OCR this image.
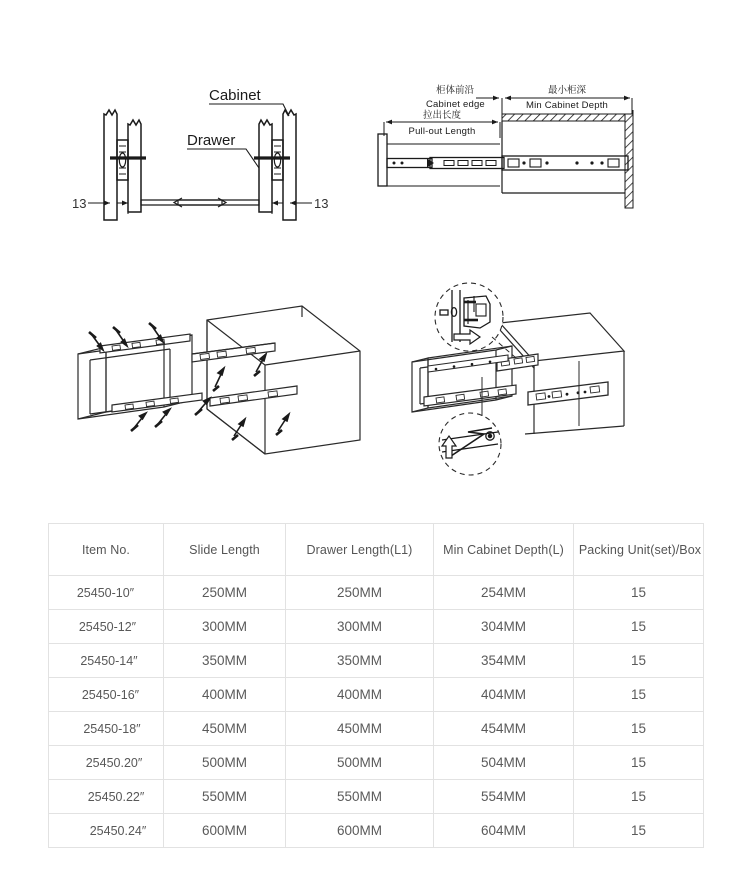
Cabinet
Drawer
13	13
柜体前沿
Cabinet edge
最小柜深
Min Cabinet Depth
拉出长度
Pull-out Length
Item No.	Slide Length	Drawer Length(L1)	Min Cabinet Depth(L)	Packing Unit(set)/Box
25450-10″	250MM	250MM	254MM	15
25450-12″	300MM	300MM	304MM	15
25450-14″	350MM	350MM	354MM	15
25450-16″	400MM	400MM	404MM	15
25450-18″	450MM	450MM	454MM	15
25450.20″	500MM	500MM	504MM	15
25450.22″	550MM	550MM	554MM	15
25450.24″	600MM	600MM	604MM	15
